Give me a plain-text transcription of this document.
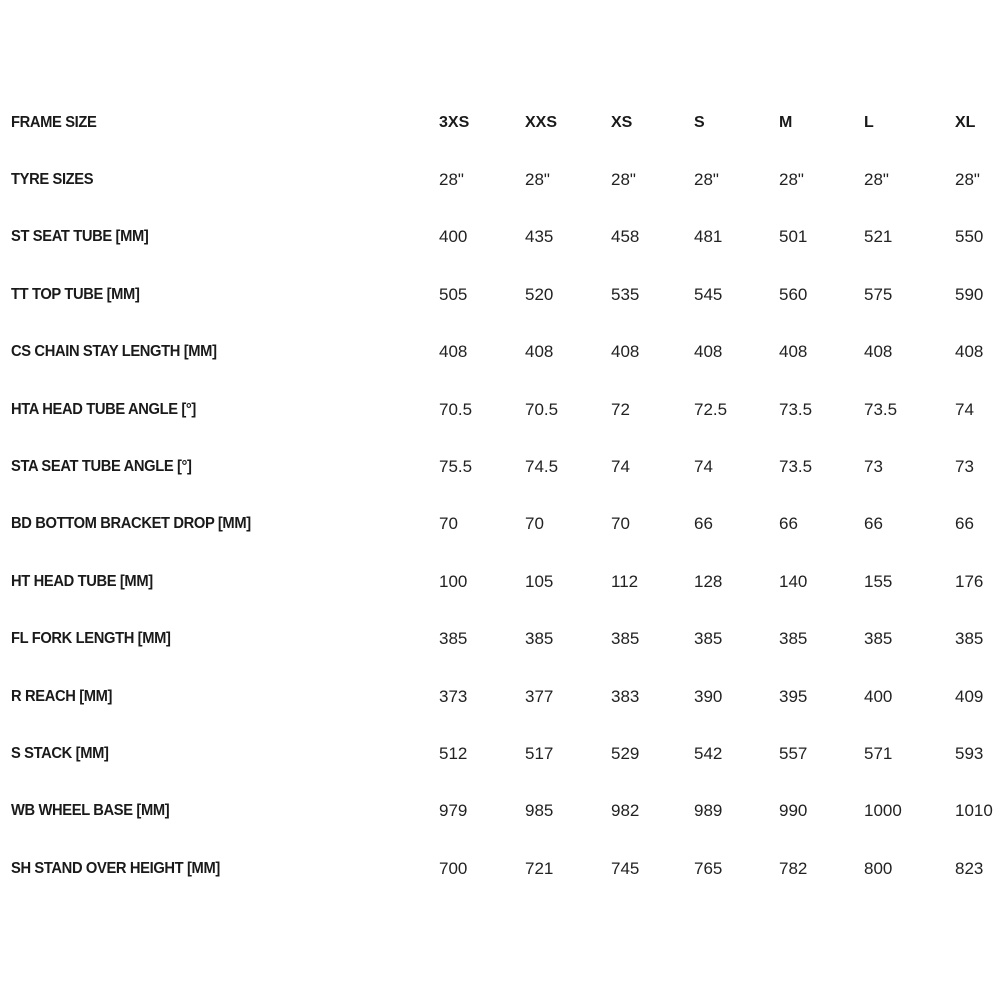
FRAME SIZE	3XS	XXS	XS	S	M	L	XL
TYRE SIZES	28"	28"	28"	28"	28"	28"	28"
ST SEAT TUBE [MM]	400	435	458	481	501	521	550
TT TOP TUBE [MM]	505	520	535	545	560	575	590
CS CHAIN STAY LENGTH [MM]	408	408	408	408	408	408	408
HTA HEAD TUBE ANGLE [°]	70.5	70.5	72	72.5	73.5	73.5	74
STA SEAT TUBE ANGLE [°]	75.5	74.5	74	74	73.5	73	73
BD BOTTOM BRACKET DROP [MM]	70	70	70	66	66	66	66
HT HEAD TUBE [MM]	100	105	112	128	140	155	176
FL FORK LENGTH [MM]	385	385	385	385	385	385	385
R REACH [MM]	373	377	383	390	395	400	409
S STACK [MM]	512	517	529	542	557	571	593
WB WHEEL BASE [MM]	979	985	982	989	990	1000	1010
SH STAND OVER HEIGHT [MM]	700	721	745	765	782	800	823
